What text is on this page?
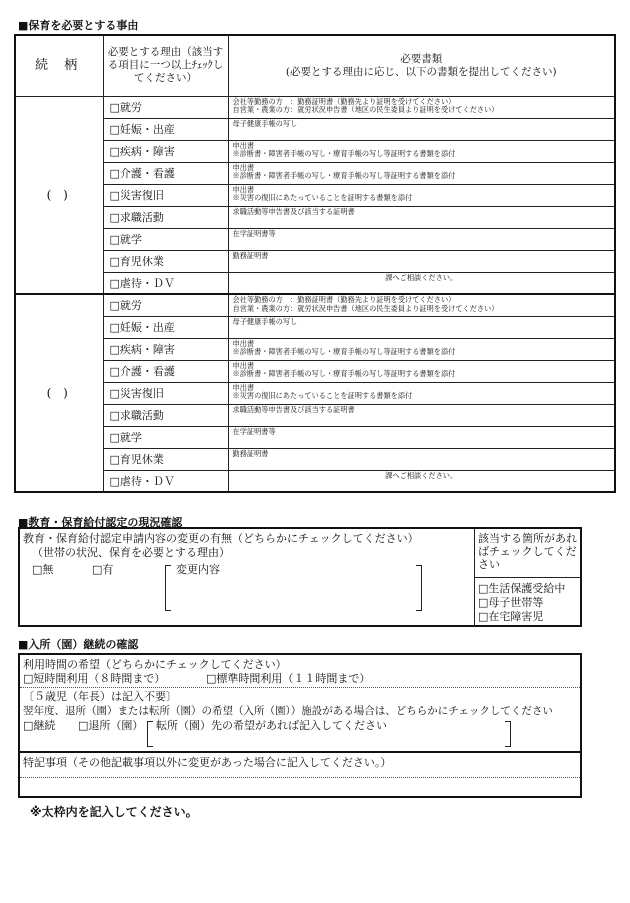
■保育を必要とする事由
続 柄	必要とする理由（該当する項目に一つ以上ﾁｪｯｸしてください）	必要書類
(必要とする理由に応じ、以下の書類を提出してください)

( )	□就労	会社等勤務の方　：勤務証明書（勤務先より証明を受けてください）
自営業・農業の方：就労状況申告書（地区の民生委員より証明を受けてください）

	□妊娠・出産	母子健康手帳の写し

	□疾病・障害	申出書
※診断書・障害者手帳の写し・療育手帳の写し等証明する書類を添付

	□介護・看護	申出書
※診断書・障害者手帳の写し・療育手帳の写し等証明する書類を添付

	□災害復旧	申出書
※災害の復旧にあたっていることを証明する書類を添付

	□求職活動	求職活動等申告書及び該当する証明書

	□就学	在学証明書等

	□育児休業	勤務証明書

	□虐待・ＤＶ	課へご相談ください。

( )	□就労	会社等勤務の方　：勤務証明書（勤務先より証明を受けてください）
自営業・農業の方：就労状況申告書（地区の民生委員より証明を受けてください）

	□妊娠・出産	母子健康手帳の写し

	□疾病・障害	申出書
※診断書・障害者手帳の写し・療育手帳の写し等証明する書類を添付

	□介護・看護	申出書
※診断書・障害者手帳の写し・療育手帳の写し等証明する書類を添付

	□災害復旧	申出書
※災害の復旧にあたっていることを証明する書類を添付

	□求職活動	求職活動等申告書及び該当する証明書

	□就学	在学証明書等

	□育児休業	勤務証明書

	□虐待・ＤＶ	課へご相談ください。
■教育・保育給付認定の現況確認
教育・保育給付認定申請内容の変更の有無（どちらかにチェックしてください）
（世帯の状況、保育を必要とする理由）
□無	□有	変更内容
該当する箇所があればチェックしてください
□生活保護受給中
□母子世帯等
□在宅障害児
■入所（園）継続の確認
利用時間の希望（どちらかにチェックしてください）
□短時間利用（８時間まで）	□標準時間利用（１１時間まで）
〔５歳児（年長）は記入不要〕
翌年度、退所（園）または転所（園）の希望（入所（園））施設がある場合は、どちらかにチェックしてください
□継続 □退所（園） 転所（園）先の希望があれば記入してください
特記事項（その他記載事項以外に変更があった場合に記入してください。）
※太枠内を記入してください。
